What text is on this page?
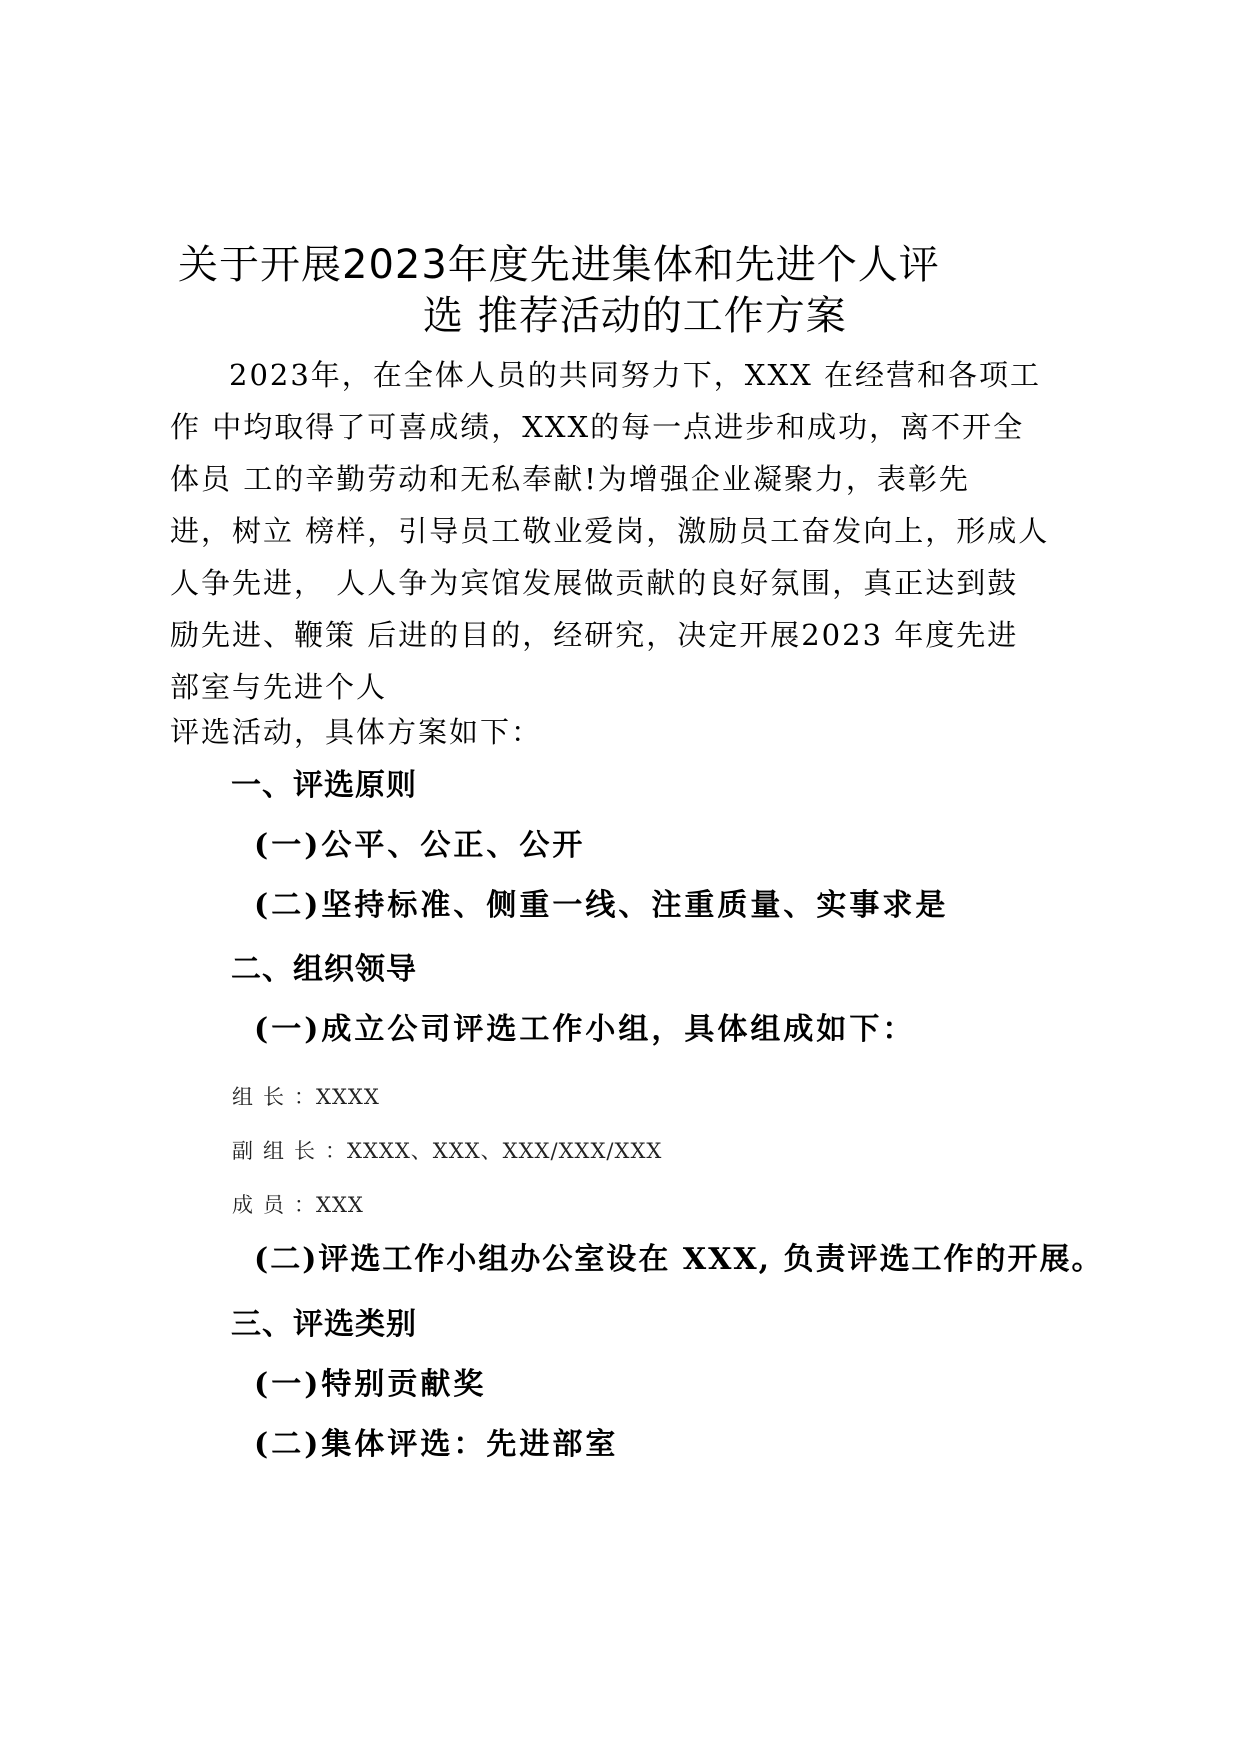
关于开展2023年度先进集体和先进个人评
选 推荐活动的工作方案
2023年，在全体人员的共同努力下，XXX 在经营和各项工
作 中均取得了可喜成绩，XXX的每一点进步和成功，离不开全
体员 工的辛勤劳动和无私奉献!为增强企业凝聚力，表彰先
进，树立 榜样，引导员工敬业爱岗，激励员工奋发向上，形成人
人争先进， 人人争为宾馆发展做贡献的良好氛围，真正达到鼓
励先进、鞭策 后进的目的，经研究，决定开展2023 年度先进
部室与先进个人
评选活动，具体方案如下：
一、评选原则
(一)公平、公正、公开
(二)坚持标准、侧重一线、注重质量、实事求是
二、组织领导
(一)成立公司评选工作小组，具体组成如下：
组长：XXXX
副组长：XXXX、XXX、XXX/XXX/XXX
成员：XXX
(二)评选工作小组办公室设在 XXX, 负责评选工作的开展。
三、评选类别
(一)特别贡献奖
(二)集体评选：先进部室
